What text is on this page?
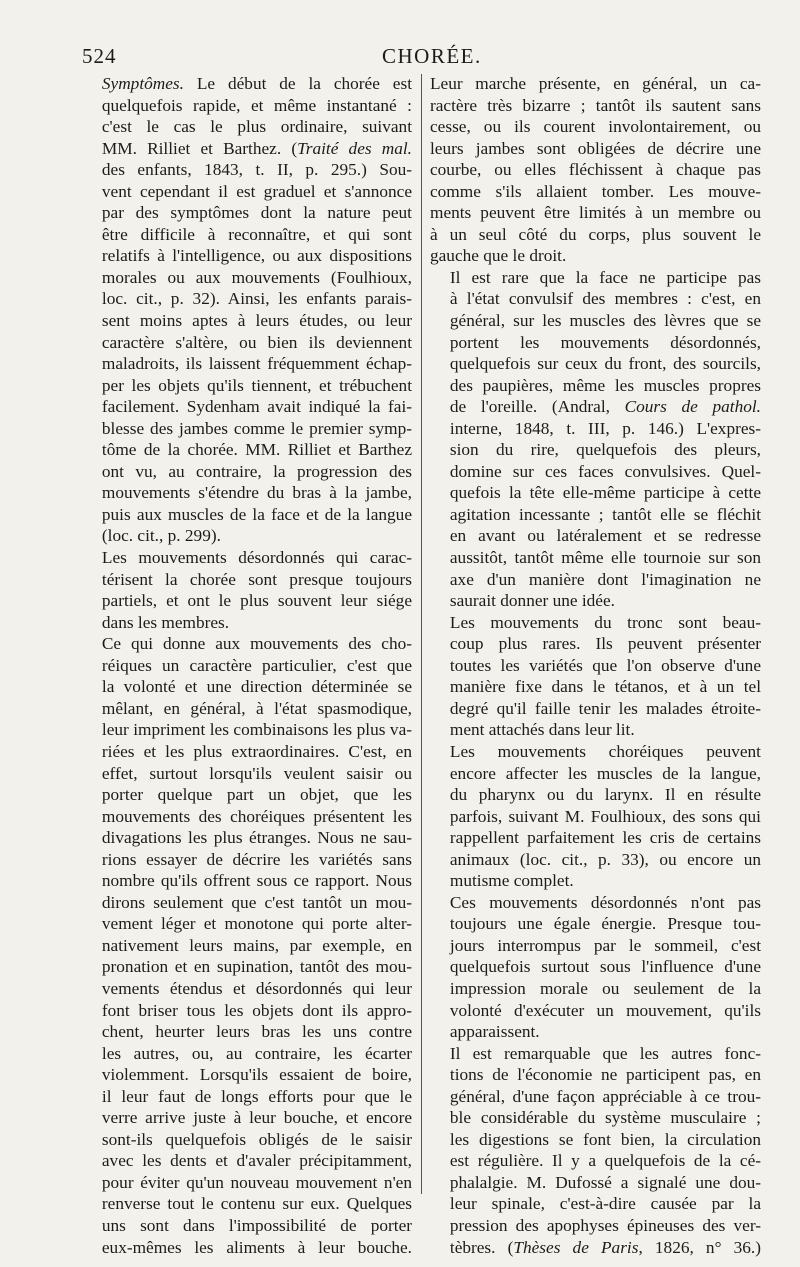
524	CHORÉE.

Symptômes. Le début de la chorée est
quelquefois rapide, et même instantané :
c'est le cas le plus ordinaire, suivant
MM. Rilliet et Barthez. (Traité des mal.
des enfants, 1843, t. II, p. 295.) Sou-
vent cependant il est graduel et s'annonce
par des symptômes dont la nature peut
être difficile à reconnaître, et qui sont
relatifs à l'intelligence, ou aux dispositions
morales ou aux mouvements (Foulhioux,
loc. cit., p. 32). Ainsi, les enfants parais-
sent moins aptes à leurs études, ou leur
caractère s'altère, ou bien ils deviennent
maladroits, ils laissent fréquemment échap-
per les objets qu'ils tiennent, et trébuchent
facilement. Sydenham avait indiqué la fai-
blesse des jambes comme le premier symp-
tôme de la chorée. MM. Rilliet et Barthez
ont vu, au contraire, la progression des
mouvements s'étendre du bras à la jambe,
puis aux muscles de la face et de la langue
(loc. cit., p. 299).

Les mouvements désordonnés qui carac-
térisent la chorée sont presque toujours
partiels, et ont le plus souvent leur siége
dans les membres.

Ce qui donne aux mouvements des cho-
réiques un caractère particulier, c'est que
la volonté et une direction déterminée se
mêlant, en général, à l'état spasmodique,
leur impriment les combinaisons les plus va-
riées et les plus extraordinaires. C'est, en
effet, surtout lorsqu'ils veulent saisir ou
porter quelque part un objet, que les
mouvements des choréiques présentent les
divagations les plus étranges. Nous ne sau-
rions essayer de décrire les variétés sans
nombre qu'ils offrent sous ce rapport. Nous
dirons seulement que c'est tantôt un mou-
vement léger et monotone qui porte alter-
nativement leurs mains, par exemple, en
pronation et en supination, tantôt des mou-
vements étendus et désordonnés qui leur
font briser tous les objets dont ils appro-
chent, heurter leurs bras les uns contre
les autres, ou, au contraire, les écarter
violemment. Lorsqu'ils essaient de boire,
il leur faut de longs efforts pour que le
verre arrive juste à leur bouche, et encore
sont-ils quelquefois obligés de le saisir
avec les dents et d'avaler précipitamment,
pour éviter qu'un nouveau mouvement n'en
renverse tout le contenu sur eux. Quelques
uns sont dans l'impossibilité de porter
eux-mêmes les aliments à leur bouche.

Leur marche présente, en général, un ca-
ractère très bizarre ; tantôt ils sautent sans
cesse, ou ils courent involontairement, ou
leurs jambes sont obligées de décrire une
courbe, ou elles fléchissent à chaque pas
comme s'ils allaient tomber. Les mouve-
ments peuvent être limités à un membre ou
à un seul côté du corps, plus souvent le
gauche que le droit.

Il est rare que la face ne participe pas
à l'état convulsif des membres : c'est, en
général, sur les muscles des lèvres que se
portent les mouvements désordonnés,
quelquefois sur ceux du front, des sourcils,
des paupières, même les muscles propres
de l'oreille. (Andral, Cours de pathol.
interne, 1848, t. III, p. 146.) L'expres-
sion du rire, quelquefois des pleurs,
domine sur ces faces convulsives. Quel-
quefois la tête elle-même participe à cette
agitation incessante ; tantôt elle se fléchit
en avant ou latéralement et se redresse
aussitôt, tantôt même elle tournoie sur son
axe d'un manière dont l'imagination ne
saurait donner une idée.

Les mouvements du tronc sont beau-
coup plus rares. Ils peuvent présenter
toutes les variétés que l'on observe d'une
manière fixe dans le tétanos, et à un tel
degré qu'il faille tenir les malades étroite-
ment attachés dans leur lit.

Les mouvements choréiques peuvent
encore affecter les muscles de la langue,
du pharynx ou du larynx. Il en résulte
parfois, suivant M. Foulhioux, des sons qui
rappellent parfaitement les cris de certains
animaux (loc. cit., p. 33), ou encore un
mutisme complet.

Ces mouvements désordonnés n'ont pas
toujours une égale énergie. Presque tou-
jours interrompus par le sommeil, c'est
quelquefois surtout sous l'influence d'une
impression morale ou seulement de la
volonté d'exécuter un mouvement, qu'ils
apparaissent.

Il est remarquable que les autres fonc-
tions de l'économie ne participent pas, en
général, d'une façon appréciable à ce trou-
ble considérable du système musculaire ;
les digestions se font bien, la circulation
est régulière. Il y a quelquefois de la cé-
phalalgie. M. Dufossé a signalé une dou-
leur spinale, c'est-à-dire causée par la
pression des apophyses épineuses des ver-
tèbres. (Thèses de Paris, 1826, n° 36.)
